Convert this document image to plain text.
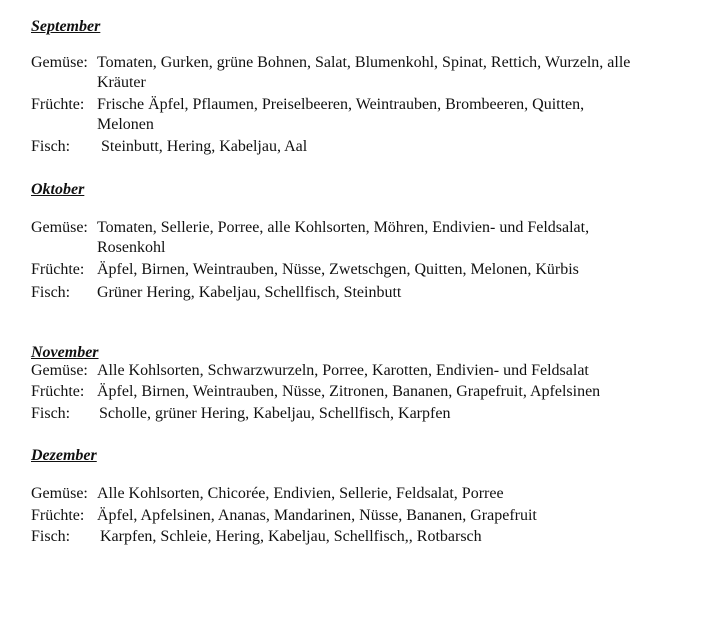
September
Gemüse: Tomaten, Gurken, grüne Bohnen, Salat, Blumenkohl, Spinat, Rettich, Wurzeln, alle
Kräuter
Früchte: Frische Äpfel, Pflaumen, Preiselbeeren, Weintrauben, Brombeeren, Quitten,
Melonen
Fisch: Steinbutt, Hering, Kabeljau, Aal
Oktober
Gemüse: Tomaten, Sellerie, Porree, alle Kohlsorten, Möhren, Endivien- und Feldsalat,
Rosenkohl
Früchte: Äpfel, Birnen, Weintrauben, Nüsse, Zwetschgen, Quitten, Melonen, Kürbis
Fisch: Grüner Hering, Kabeljau, Schellfisch, Steinbutt
November
Gemüse: Alle Kohlsorten, Schwarzwurzeln, Porree, Karotten, Endivien- und Feldsalat
Früchte: Äpfel, Birnen, Weintrauben, Nüsse, Zitronen, Bananen, Grapefruit, Apfelsinen
Fisch: Scholle, grüner Hering, Kabeljau, Schellfisch, Karpfen
Dezember
Gemüse: Alle Kohlsorten, Chicorée, Endivien, Sellerie, Feldsalat, Porree
Früchte: Äpfel, Apfelsinen, Ananas, Mandarinen, Nüsse, Bananen, Grapefruit
Fisch: Karpfen, Schleie, Hering, Kabeljau, Schellfisch,, Rotbarsch
